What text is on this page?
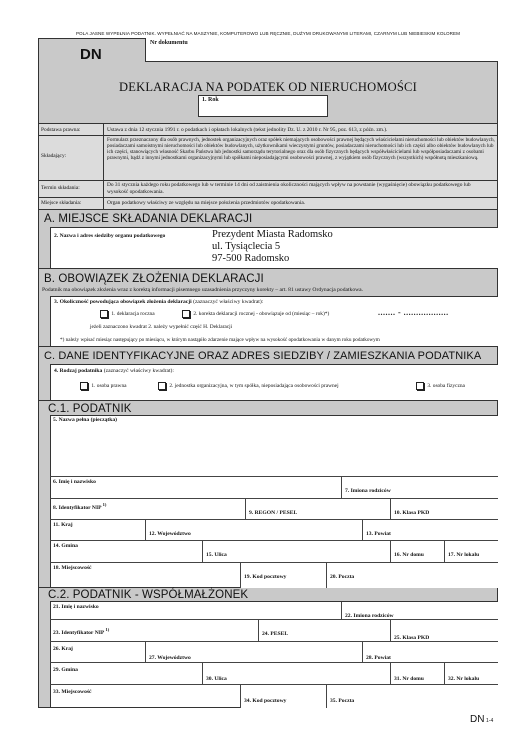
POLA JASNE WYPEŁNIA PODATNIK. WYPEŁNIAĆ NA MASZYNIE, KOMPUTEROWO LUB RĘCZNIE, DUŻYMI DRUKOWANYMI LITERAMI, CZARNYM LUB NIEBIESKIM KOLOREM
Nr dokumentu
DN
DEKLARACJA NA PODATEK OD NIERUCHOMOŚCI
1. Rok
Podstawa prawna:	Ustawa z dnia 12 stycznia 1991 r. o podatkach i opłatach lokalnych (tekst jednolity Dz. U. z 2010 r. Nr 95, poz. 613, z późn. zm.).
Składający:
Formularz przeznaczony dla osób prawnych, jednostek organizacyjnych oraz spółek niemających osobowości prawnej będących właścicielami nieruchomości lub obiektów budowlanych, posiadaczami samoistnymi nieruchomości lub obiektów budowlanych, użytkownikami wieczystymi gruntów, posiadaczami nieruchomości lub ich części albo obiektów budowlanych lub ich części, stanowiących własność Skarbu Państwa lub jednostki samorządu terytorialnego oraz dla osób fizycznych będących współwłaścicielami lub współposiadaczami z osobami prawnymi, bądź z innymi jednostkami organizacyjnymi lub spółkami nieposiadającymi osobowości prawnej, z wyjątkiem osób fizycznych (wszystkich) współnotą mieszkaniową.
Termin składania:	Do 31 stycznia każdego roku podatkowego lub w terminie 14 dni od zaistnienia okoliczności mających wpływ na powstanie (wygaśnięcie) obowiązku podatkowego lub wysokość opodatkowania.
Miejsce składania:	Organ podatkowy właściwy ze względu na miejsce położenia przedmiotów opodatkowania.
A. MIEJSCE SKŁADANIA DEKLARACJI
2. Nazwa i adres siedziby organu podatkowego	Prezydent Miasta Radomsko
ul. Tysiąclecia 5
97-500 Radomsko
B. OBOWIĄZEK ZŁOŻENIA DEKLARACJI
Podatnik ma obowiązek złożenia wraz z korektą informacji pisemnego uzasadnienia przyczyny korekty – art. 81 ustawy Ordynacja podatkowa.
3. Okoliczność powodująca obowiązek złożenia deklaracji (zaznaczyć właściwy kwadrat):
1. deklaracja roczna	2. korekta deklaracji rocznej - obowiązuje od (miesiąc – rok)*)	....... - ..................
jeżeli zaznaczono kwadrat 2. należy wypełnić część H. Deklaracji
*) należy wpisać miesiąc następujący po miesiącu, w którym nastąpiło zdarzenie mające wpływ na wysokość opodatkowania w danym roku podatkowym
C. DANE IDENTYFIKACYJNE ORAZ ADRES SIEDZIBY / ZAMIESZKANIA PODATNIKA
4. Rodzaj podatnika (zaznaczyć właściwy kwadrat):
1. osoba prawna	2. jednostka organizacyjna, w tym spółka, nieposiadająca osobowości prawnej	3. osoba fizyczna
C.1. PODATNIK
5. Nazwa pełna (pieczątka)
6. Imię i nazwisko
7. Imiona rodziców
8. Identyfikator NIP $^{1)}$
9. REGON / PESEL	10. Klasa PKD
11. Kraj
12. Województwo	13. Powiat
14. Gmina
15. Ulica	16. Nr domu	17. Nr lokalu
18. Miejscowość
19. Kod pocztowy	20. Poczta
C.2. PODATNIK - WSPÓŁMAŁŻONEK
21. Imię i nazwisko
22. Imiona rodziców
23. Identyfikator NIP $^{1)}$
24. PESEL
25. Klasa PKD
26. Kraj
27. Województwo	28. Powiat
29. Gmina
30. Ulica	31. Nr domu	32. Nr lokalu
33. Miejscowość
34. Kod pocztowy	35. Poczta
DN 1-4
